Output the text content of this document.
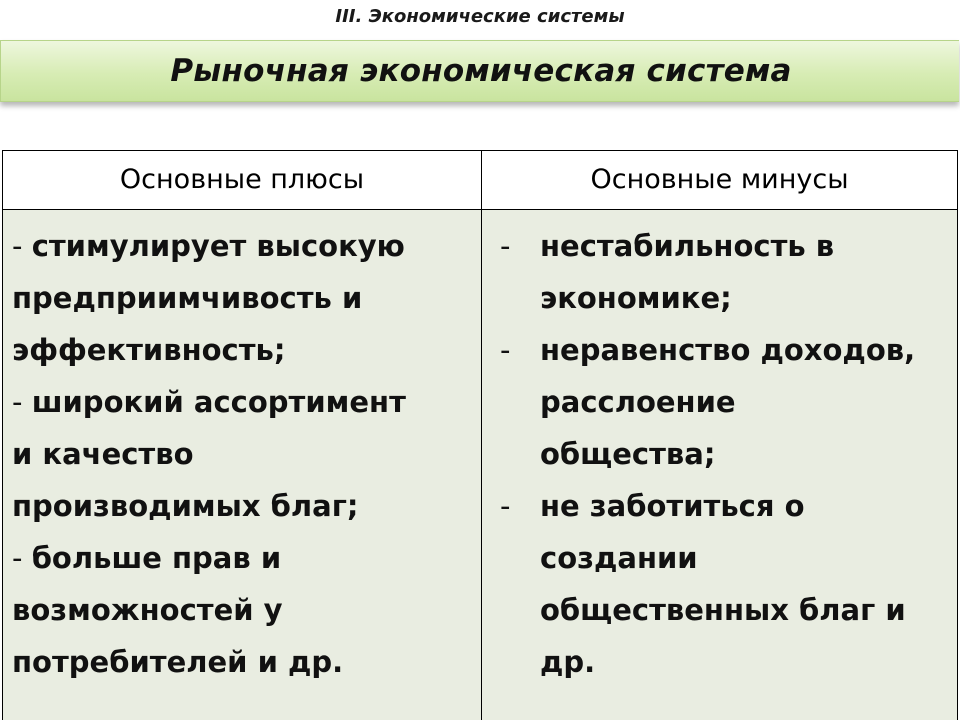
III. Экономические системы
Рыночная экономическая система
Основные плюсы	Основные минусы
- стимулирует высокую
предприимчивость и
эффективность;
- широкий ассортимент
и качество
производимых благ;
- больше прав и
возможностей у
потребителей и др.
- нестабильность в
экономике;
- неравенство доходов,
расслоение
общества;
- не заботиться о
создании
общественных благ и
др.
